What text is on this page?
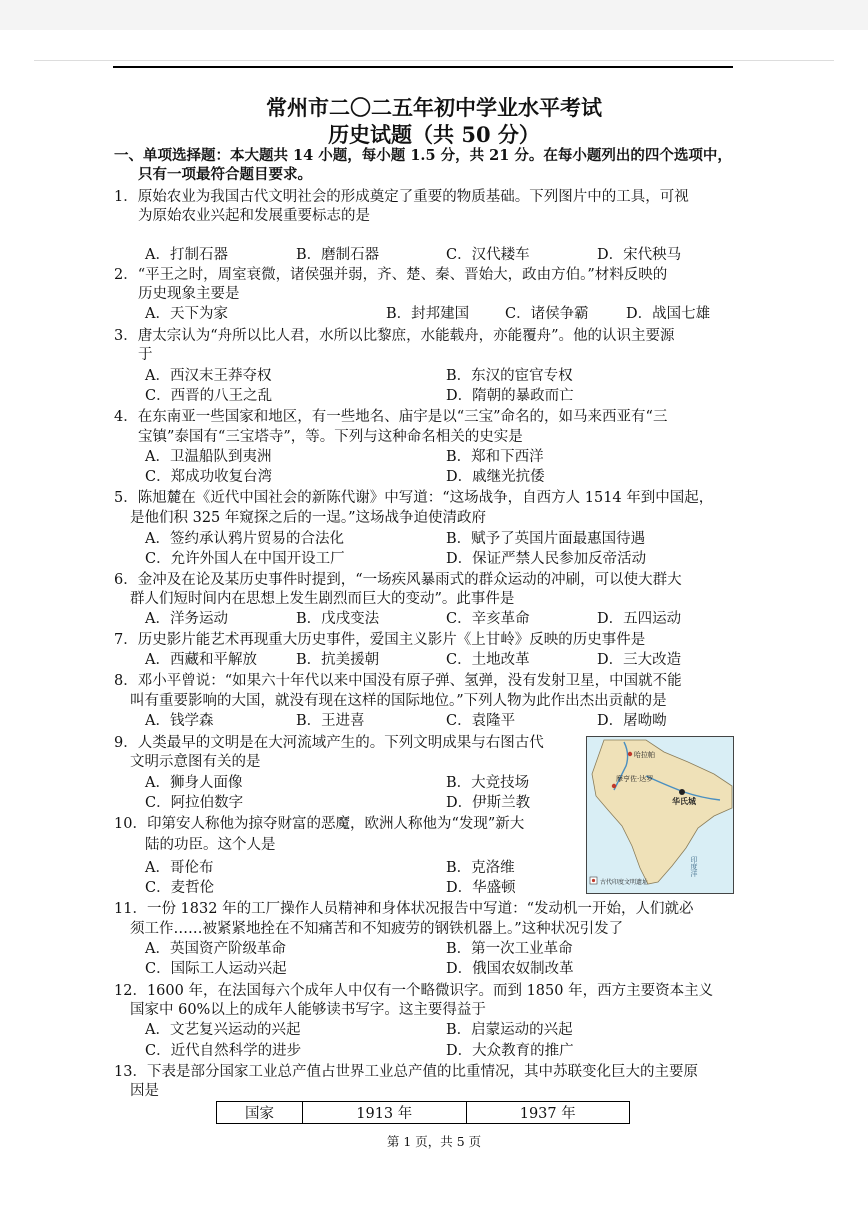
常州市二〇二五年初中学业水平考试
历史试题（共 50 分）
一、单项选择题：本大题共 14 小题，每小题 1.5 分，共 21 分。在每小题列出的四个选项中，
只有一项最符合题目要求。
1．原始农业为我国古代文明社会的形成奠定了重要的物质基础。下列图片中的工具，可视
为原始农业兴起和发展重要标志的是
A．打制石器	B．磨制石器	C．汉代耧车	D．宋代秧马
2．“平王之时，周室衰微，诸侯强并弱，齐、楚、秦、晋始大，政由方伯。”材料反映的
历史现象主要是
A．天下为家	B．封邦建国 C．诸侯争霸	D．战国七雄
3．唐太宗认为“舟所以比人君，水所以比黎庶，水能载舟，亦能覆舟”。他的认识主要源
于
A．西汉末王莽夺权	B．东汉的宦官专权
C．西晋的八王之乱	D．隋朝的暴政而亡
4．在东南亚一些国家和地区，有一些地名、庙宇是以“三宝”命名的，如马来西亚有“三
宝镇”泰国有“三宝塔寺”，等。下列与这种命名相关的史实是
A．卫温船队到夷洲	B．郑和下西洋
C．郑成功收复台湾	D．戚继光抗倭
5．陈旭麓在《近代中国社会的新陈代谢》中写道：“这场战争，自西方人 1514 年到中国起，
是他们积 325 年窥探之后的一逞。”这场战争迫使清政府
A．签约承认鸦片贸易的合法化	B．赋予了英国片面最惠国待遇
C．允许外国人在中国开设工厂	D．保证严禁人民参加反帝活动
6．金冲及在论及某历史事件时提到，“一场疾风暴雨式的群众运动的冲刷，可以使大群大
群人们短时间内在思想上发生剧烈而巨大的变动”。此事件是
A．洋务运动	B．戊戌变法	C．辛亥革命	D．五四运动
7．历史影片能艺术再现重大历史事件，爱国主义影片《上甘岭》反映的历史事件是
A．西藏和平解放	B．抗美援朝	C．土地改革	D．三大改造
8．邓小平曾说：“如果六十年代以来中国没有原子弹、氢弹，没有发射卫星，中国就不能
叫有重要影响的大国，就没有现在这样的国际地位。”下列人物为此作出杰出贡献的是
A．钱学森	B．王进喜	C．袁隆平	D．屠呦呦
9．人类最早的文明是在大河流域产生的。下列文明成果与右图古代
文明示意图有关的是
A．狮身人面像	B．大竞技场
C．阿拉伯数字	D．伊斯兰教
10．印第安人称他为掠夺财富的恶魔，欧洲人称他为“发现”新大
陆的功臣。这个人是
A．哥伦布	B．克洛维
C．麦哲伦	D．华盛顿
11．一份 1832 年的工厂操作人员精神和身体状况报告中写道：“发动机一开始，人们就必
须工作……被紧紧地拴在不知痛苦和不知疲劳的钢铁机器上。”这种状况引发了
A．英国资产阶级革命	B．第一次工业革命
C．国际工人运动兴起	D．俄国农奴制改革
12．1600 年，在法国每六个成年人中仅有一个略微识字。而到 1850 年，西方主要资本主义
国家中 60%以上的成年人能够读书写字。这主要得益于
A．文艺复兴运动的兴起	B．启蒙运动的兴起
C．近代自然科学的进步	D．大众教育的推广
13．下表是部分国家工业总产值占世界工业总产值的比重情况，其中苏联变化巨大的主要原
因是
哈拉帕
摩亨佐·达罗
华氏城
印度洋
古代印度文明遗址
国家	1913 年	1937 年
第 1 页，共 5 页
